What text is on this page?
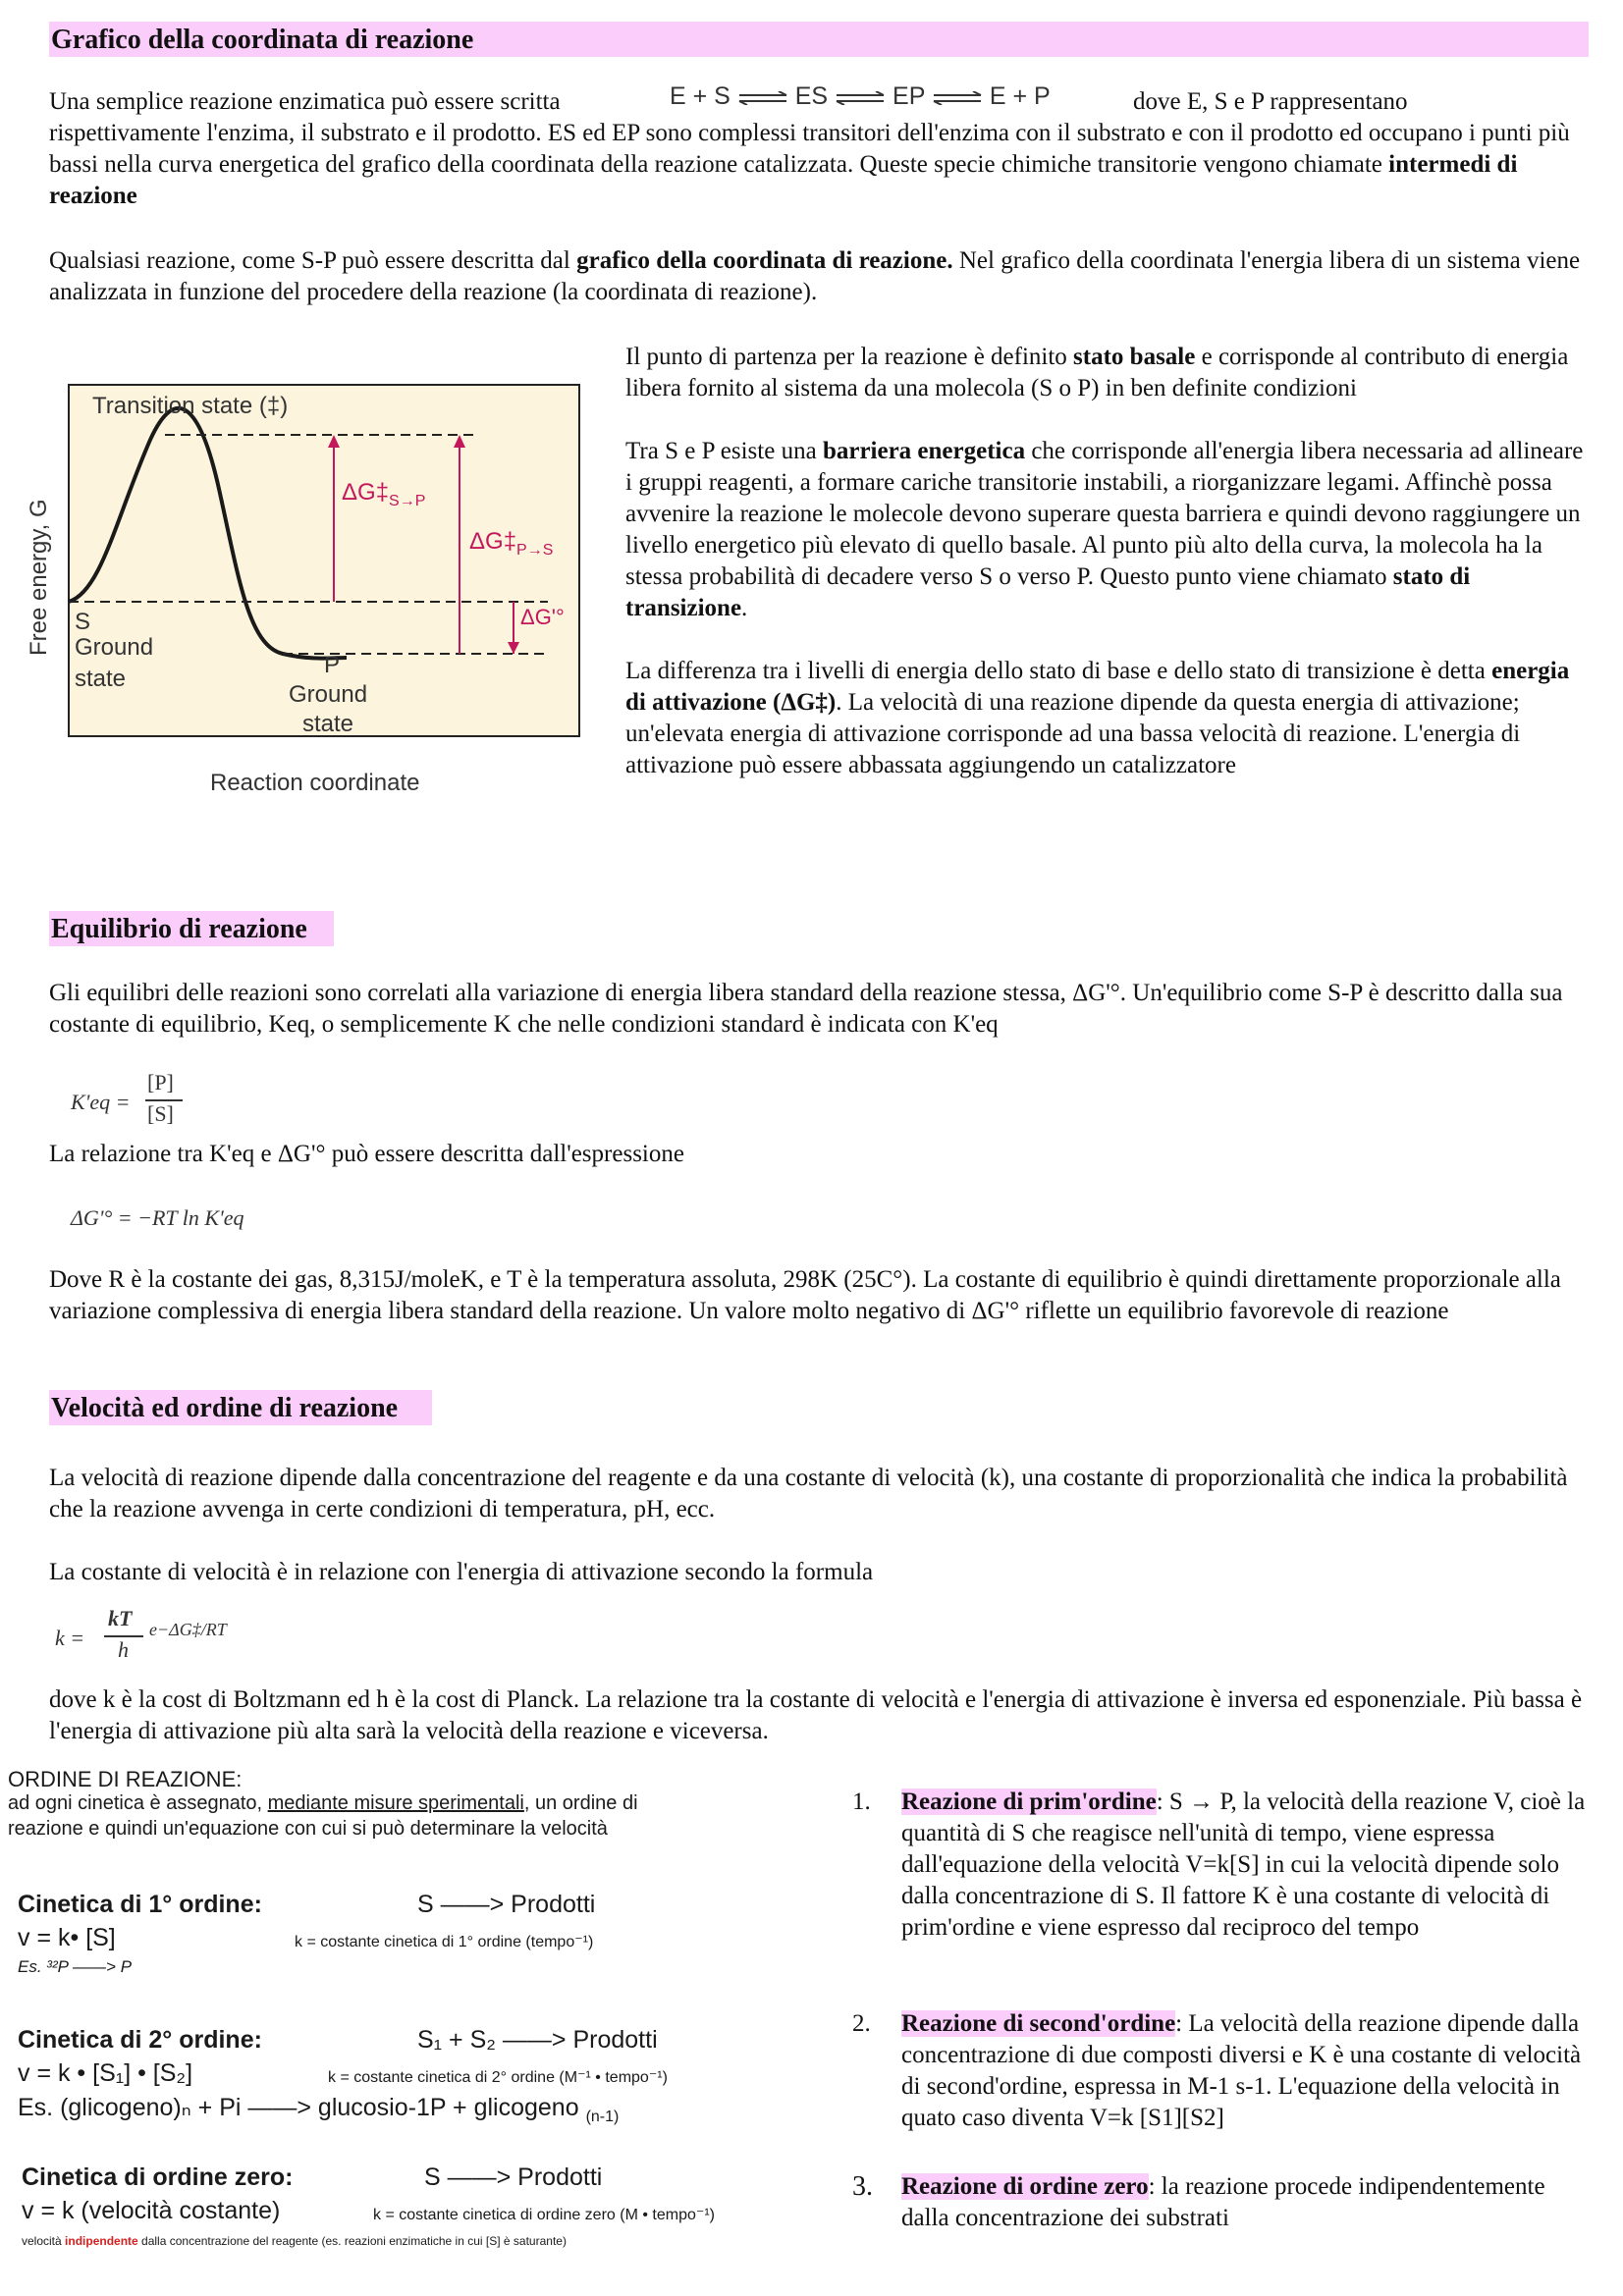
Grafico della coordinata di reazione

Una semplice reazione enzimatica può essere scritta	E + S ⇌ ES ⇌ EP ⇌ E + P	dove E, S e P rappresentano

rispettivamente l'enzima, il substrato e il prodotto. ES ed EP sono complessi transitori dell'enzima con il substrato e con il prodotto ed occupano i punti più bassi nella curva energetica del grafico della coordinata della reazione catalizzata. Queste specie chimiche transitorie vengono chiamate intermedi di reazione

Qualsiasi reazione, come S-P può essere descritta dal grafico della coordinata di reazione. Nel grafico della coordinata l'energia libera di un sistema viene analizzata in funzione del procedere della reazione (la coordinata di reazione).

Transition state (‡)
Free energy, G
Reaction coordinate
S
Ground
state
P
Ground
state
$\Delta G\ddagger_{S\to P}$
$\Delta G\ddagger_{P\to S}$
ΔG'°

Il punto di partenza per la reazione è definito stato basale e corrisponde al contributo di energia libera fornito al sistema da una molecola (S o P) in ben definite condizioni

Tra S e P esiste una barriera energetica che corrisponde all'energia libera necessaria ad allineare i gruppi reagenti, a formare cariche transitorie instabili, a riorganizzare legami. Affinchè possa avvenire la reazione le molecole devono superare questa barriera e quindi devono raggiungere un livello energetico più elevato di quello basale. Al punto più alto della curva, la molecola ha la stessa probabilità di decadere verso S o verso P. Questo punto viene chiamato stato di transizione.

La differenza tra i livelli di energia dello stato di base e dello stato di transizione è detta energia di attivazione (ΔG‡). La velocità di una reazione dipende da questa energia di attivazione; un'elevata energia di attivazione corrisponde ad una bassa velocità di reazione. L'energia di attivazione può essere abbassata aggiungendo un catalizzatore

Equilibrio di reazione

Gli equilibri delle reazioni sono correlati alla variazione di energia libera standard della reazione stessa, ΔG'°. Un'equilibrio come S-P è descritto dalla sua costante di equilibrio, Keq, o semplicemente K che nelle condizioni standard è indicata con K'eq

K'eq =
[P]
[S]

La relazione tra K'eq e ΔG'° può essere descritta dall'espressione

ΔG'° = −RT ln K'eq

Dove R è la costante dei gas, 8,315J/moleK, e T è la temperatura assoluta, 298K (25C°). La costante di equilibrio è quindi direttamente proporzionale alla variazione complessiva di energia libera standard della reazione. Un valore molto negativo di ΔG'° riflette un equilibrio favorevole di reazione

Velocità ed ordine di reazione

La velocità di reazione dipende dalla concentrazione del reagente e da una costante di velocità (k), una costante di proporzionalità che indica la probabilità che la reazione avvenga in certe condizioni di temperatura, pH, ecc.

La costante di velocità è in relazione con l'energia di attivazione secondo la formula

k =
kT
h
e−ΔG‡/RT

dove k è la cost di Boltzmann ed h è la cost di Planck. La relazione tra la costante di velocità e l'energia di attivazione è inversa ed esponenziale. Più bassa è l'energia di attivazione più alta sarà la velocità della reazione e viceversa.

ORDINE DI REAZIONE:
ad ogni cinetica è assegnato, mediante misure sperimentali, un ordine di
reazione e quindi un'equazione con cui si può determinare la velocità
Cinetica di 1° ordine:	S ——> Prodotti
v = k• [S]	k = costante cinetica di 1° ordine (tempo⁻¹)
Es. ³²P ——> P
Cinetica di 2° ordine:	S₁ + S₂ ——> Prodotti
v = k • [S₁] • [S₂]	k = costante cinetica di 2° ordine (M⁻¹ • tempo⁻¹)
Es. (glicogeno)ₙ + Pi ——> glucosio-1P + glicogeno $_{(n-1)}$
Cinetica di ordine zero:	S ——> Prodotti
v = k (velocità costante)	k = costante cinetica di ordine zero (M • tempo⁻¹)
velocità indipendente dalla concentrazione del reagente (es. reazioni enzimatiche in cui [S] è saturante)
1. Reazione di prim'ordine: S → P, la velocità della reazione V, cioè la quantità di S che reagisce nell'unità di tempo, viene espressa dall'equazione della velocità V=k[S] in cui la velocità dipende solo dalla concentrazione di S. Il fattore K è una costante di velocità di prim'ordine e viene espresso dal reciproco del tempo

2. Reazione di second'ordine: La velocità della reazione dipende dalla concentrazione di due composti diversi e K è una costante di velocità di second'ordine, espressa in M-1 s-1. L'equazione della velocità in quato caso diventa V=k [S1][S2]

3. Reazione di ordine zero: la reazione procede indipendentemente dalla concentrazione dei substrati
